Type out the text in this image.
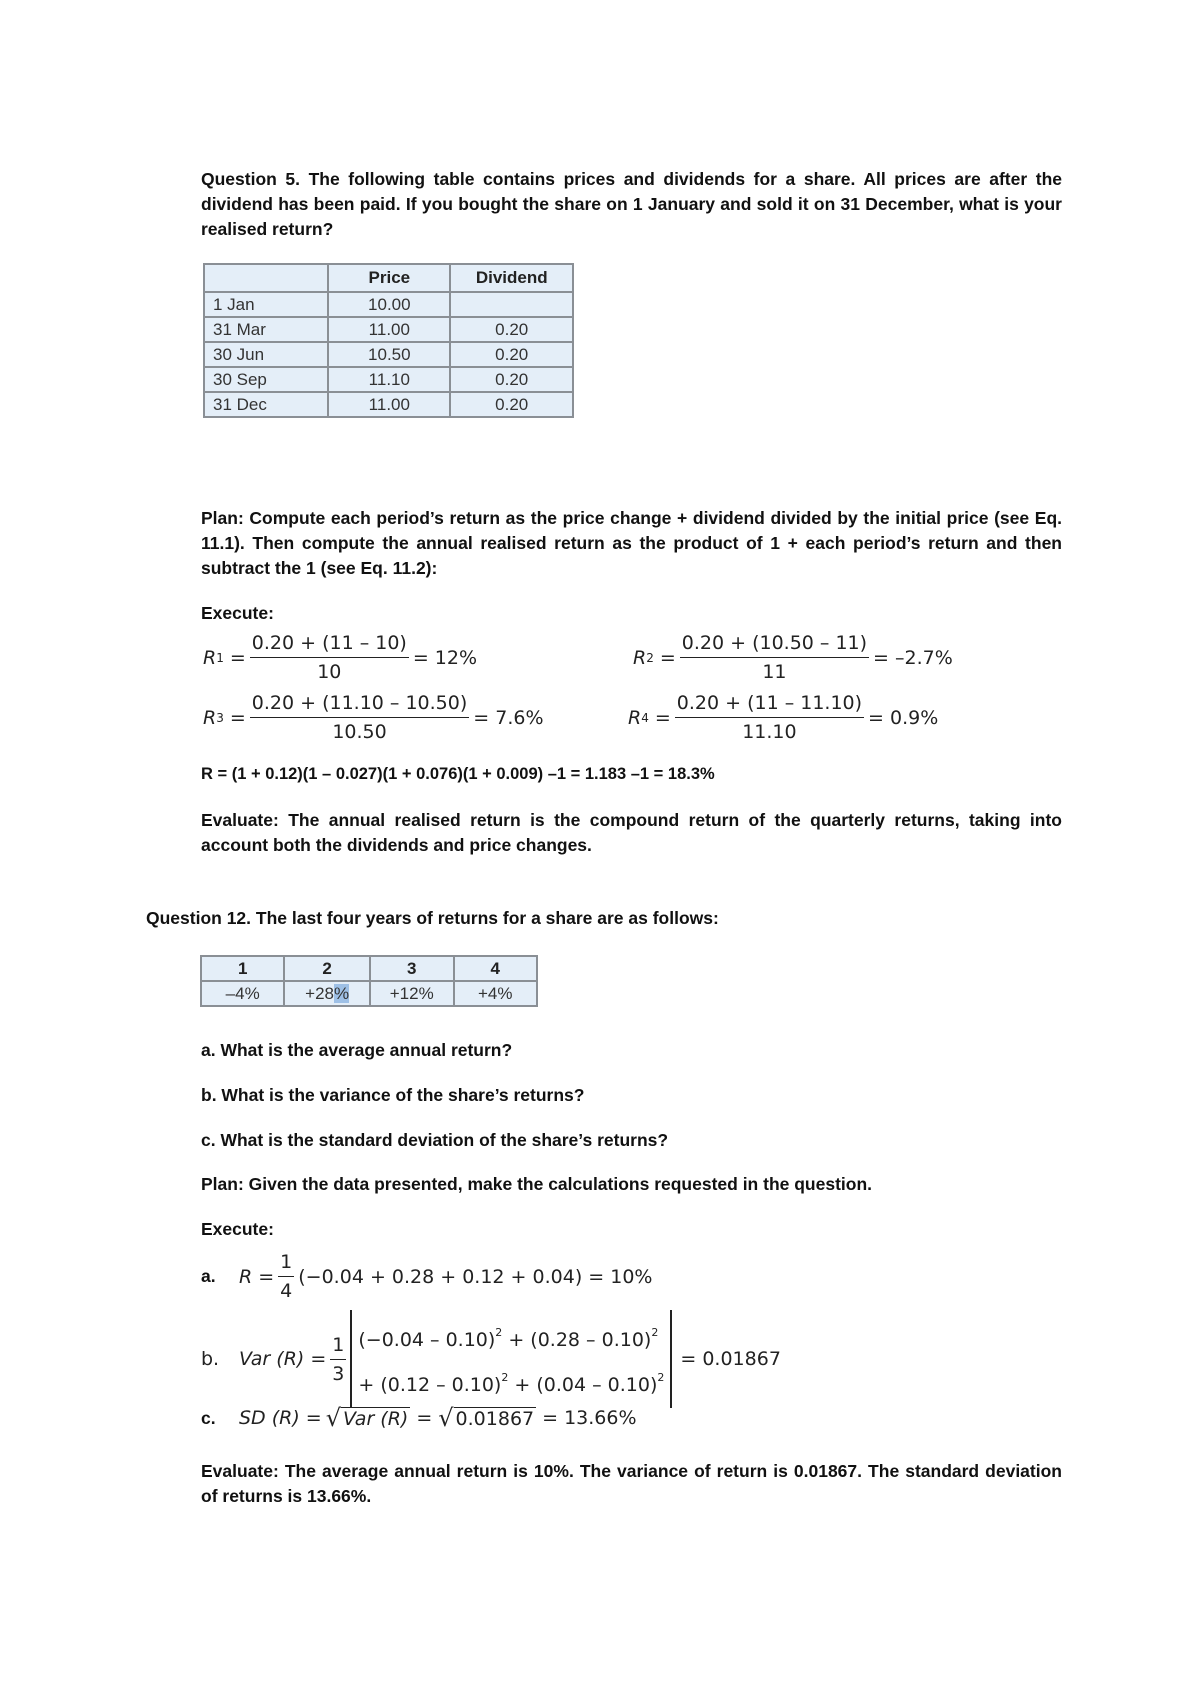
Question 5. The following table contains prices and dividends for a share. All prices are after the dividend has been paid. If you bought the share on 1 January and sold it on 31 December, what is your realised return?
	Price	Dividend
1 Jan	10.00	
31 Mar	11.00	0.20
30 Jun	10.50	0.20
30 Sep	11.10	0.20
31 Dec	11.00	0.20
Plan: Compute each period’s return as the price change + dividend divided by the initial price (see Eq. 11.1). Then compute the annual realised return as the product of 1 + each period’s return and then subtract the 1 (see Eq. 11.2):
Execute:
R $1 = \frac{0.20 + (11 - 10)}{10} = 12\%$	R $2 = \frac{0.20 + (10.50 - 11)}{11} = -2.7\%$
R $3 = \frac{0.20 + (11.10 - 10.50)}{10.50} = 7.6\%$	R $4 = \frac{0.20 + (11 - 11.10)}{11.10} = 0.9\%$
R = (1 + 0.12)(1 – 0.027)(1 + 0.076)(1 + 0.009) –1 = 1.183 –1 = 18.3%
Evaluate: The annual realised return is the compound return of the quarterly returns, taking into account both the dividends and price changes.
Question 12. The last four years of returns for a share are as follows:
1	2	3	4
–4%	+28%	+12%	+4%
a. What is the average annual return?
b. What is the variance of the share’s returns?
c. What is the standard deviation of the share’s returns?
Plan: Given the data presented, make the calculations requested in the question.
Execute:
a.	$R = \frac{1}{4} (-0.04 + 0.28 + 0.12 + 0.04) = 10\%$
b.	Var $(R) = \frac{1}{3} (-0.04 - 0.10)^2 + (0.28 - 0.10)^2$
+ (0.12 – 0.10)$^2$ + (0.04 – 0.10)$^2$
= 0.01867
c.	SD (R) = √ Var (R) = √ 0.01867 = 13.66%
Evaluate: The average annual return is 10%. The variance of return is 0.01867. The standard deviation of returns is 13.66%.
